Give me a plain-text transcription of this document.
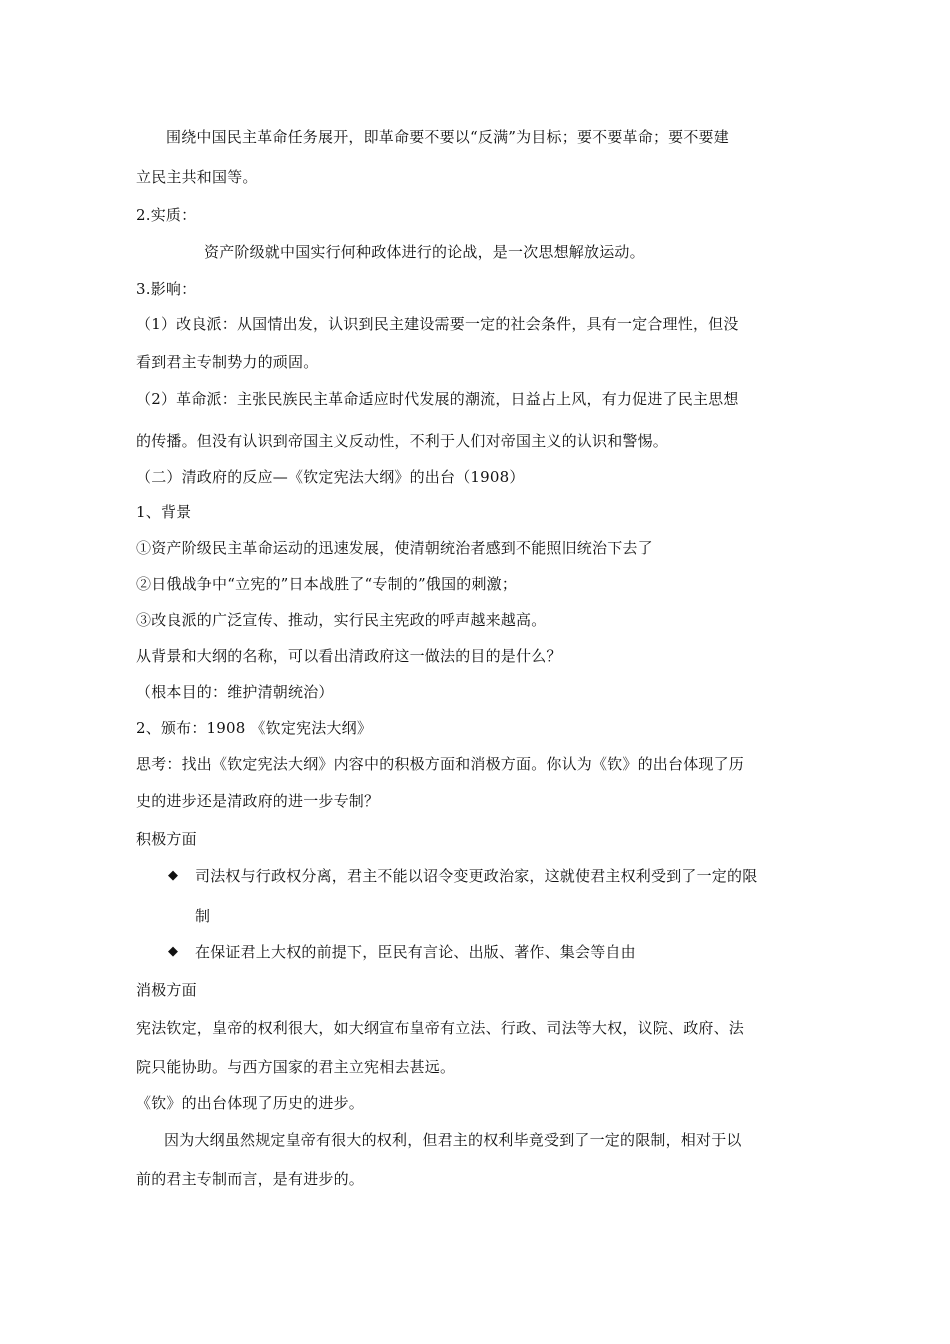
围绕中国民主革命任务展开，即革命要不要以“反满”为目标；要不要革命；要不要建
立民主共和国等。
2.实质：
资产阶级就中国实行何种政体进行的论战，是一次思想解放运动。
3.影响：
（1）改良派：从国情出发，认识到民主建设需要一定的社会条件，具有一定合理性，但没
看到君主专制势力的顽固。
（2）革命派：主张民族民主革命适应时代发展的潮流，日益占上风，有力促进了民主思想
的传播。但没有认识到帝国主义反动性，不利于人们对帝国主义的认识和警惕。
（二）清政府的反应—《钦定宪法大纲》的出台（1908）
1、背景
①资产阶级民主革命运动的迅速发展，使清朝统治者感到不能照旧统治下去了
②日俄战争中“立宪的”日本战胜了“专制的”俄国的刺激；
③改良派的广泛宣传、推动，实行民主宪政的呼声越来越高。
从背景和大纲的名称，可以看出清政府这一做法的目的是什么？
（根本目的：维护清朝统治）
2、颁布：1908 《钦定宪法大纲》
思考：找出《钦定宪法大纲》内容中的积极方面和消极方面。你认为《钦》的出台体现了历
史的进步还是清政府的进一步专制？
积极方面
◆ 司法权与行政权分离，君主不能以诏令变更政治家，这就使君主权利受到了一定的限
制
◆ 在保证君上大权的前提下，臣民有言论、出版、著作、集会等自由
消极方面
宪法钦定，皇帝的权利很大，如大纲宣布皇帝有立法、行政、司法等大权，议院、政府、法
院只能协助。与西方国家的君主立宪相去甚远。
《钦》的出台体现了历史的进步。
因为大纲虽然规定皇帝有很大的权利，但君主的权利毕竟受到了一定的限制，相对于以
前的君主专制而言，是有进步的。
